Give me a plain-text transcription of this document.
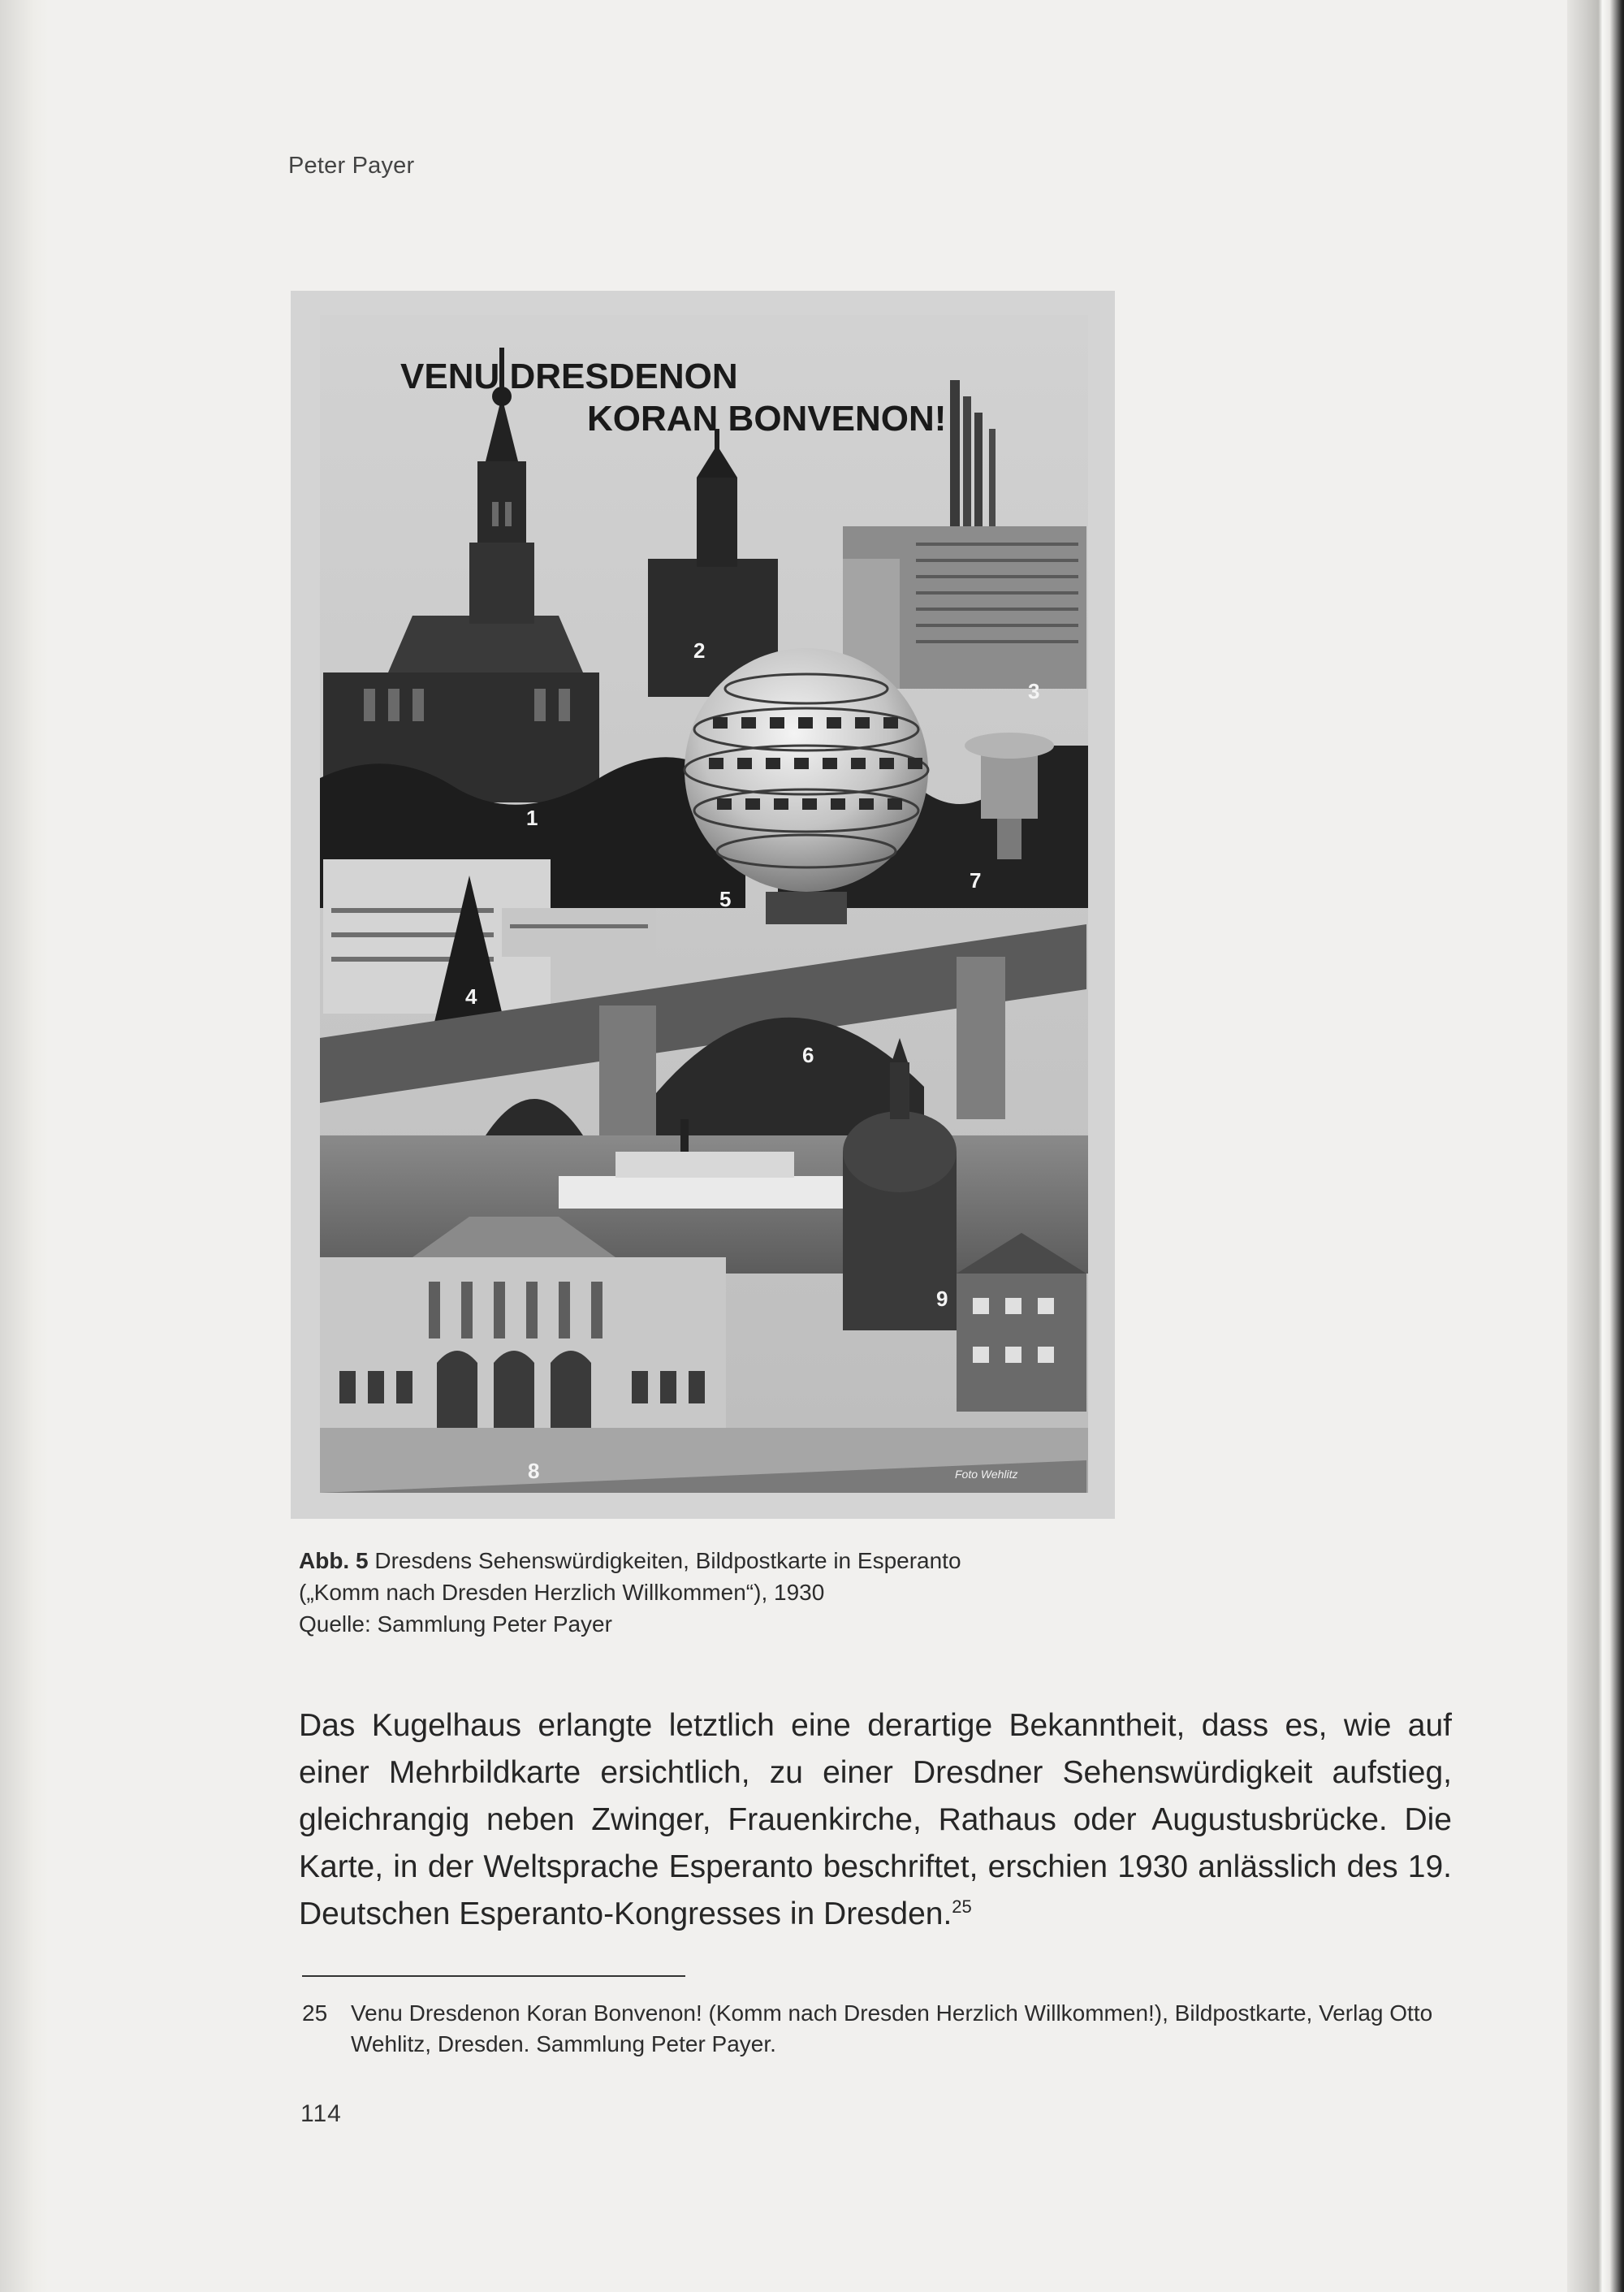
Peter Payer
VENU DRESDENON
KORAN BONVENON!
1
2
3
4
5
6
7
8
9
Foto Wehlitz
Abb. 5 Dresdens Sehenswürdigkeiten, Bildpostkarte in Esperanto
(„Komm nach Dresden Herzlich Willkommen“), 1930
Quelle: Sammlung Peter Payer
Das Kugelhaus erlangte letztlich eine derartige Bekanntheit, dass es, wie auf einer Mehrbildkarte ersichtlich, zu einer Dresdner Sehenswürdigkeit aufstieg, gleichrangig neben Zwinger, Frauenkirche, Rathaus oder Augustusbrücke. Die Karte, in der Weltsprache Esperanto beschriftet, erschien 1930 anlässlich des 19. Deutschen Esperanto-Kongresses in Dresden.$^{25}$
25 Venu Dresdenon Koran Bonvenon! (Komm nach Dresden Herzlich Willkommen!), Bildpostkarte, Verlag Otto Wehlitz, Dresden. Sammlung Peter Payer.
114
